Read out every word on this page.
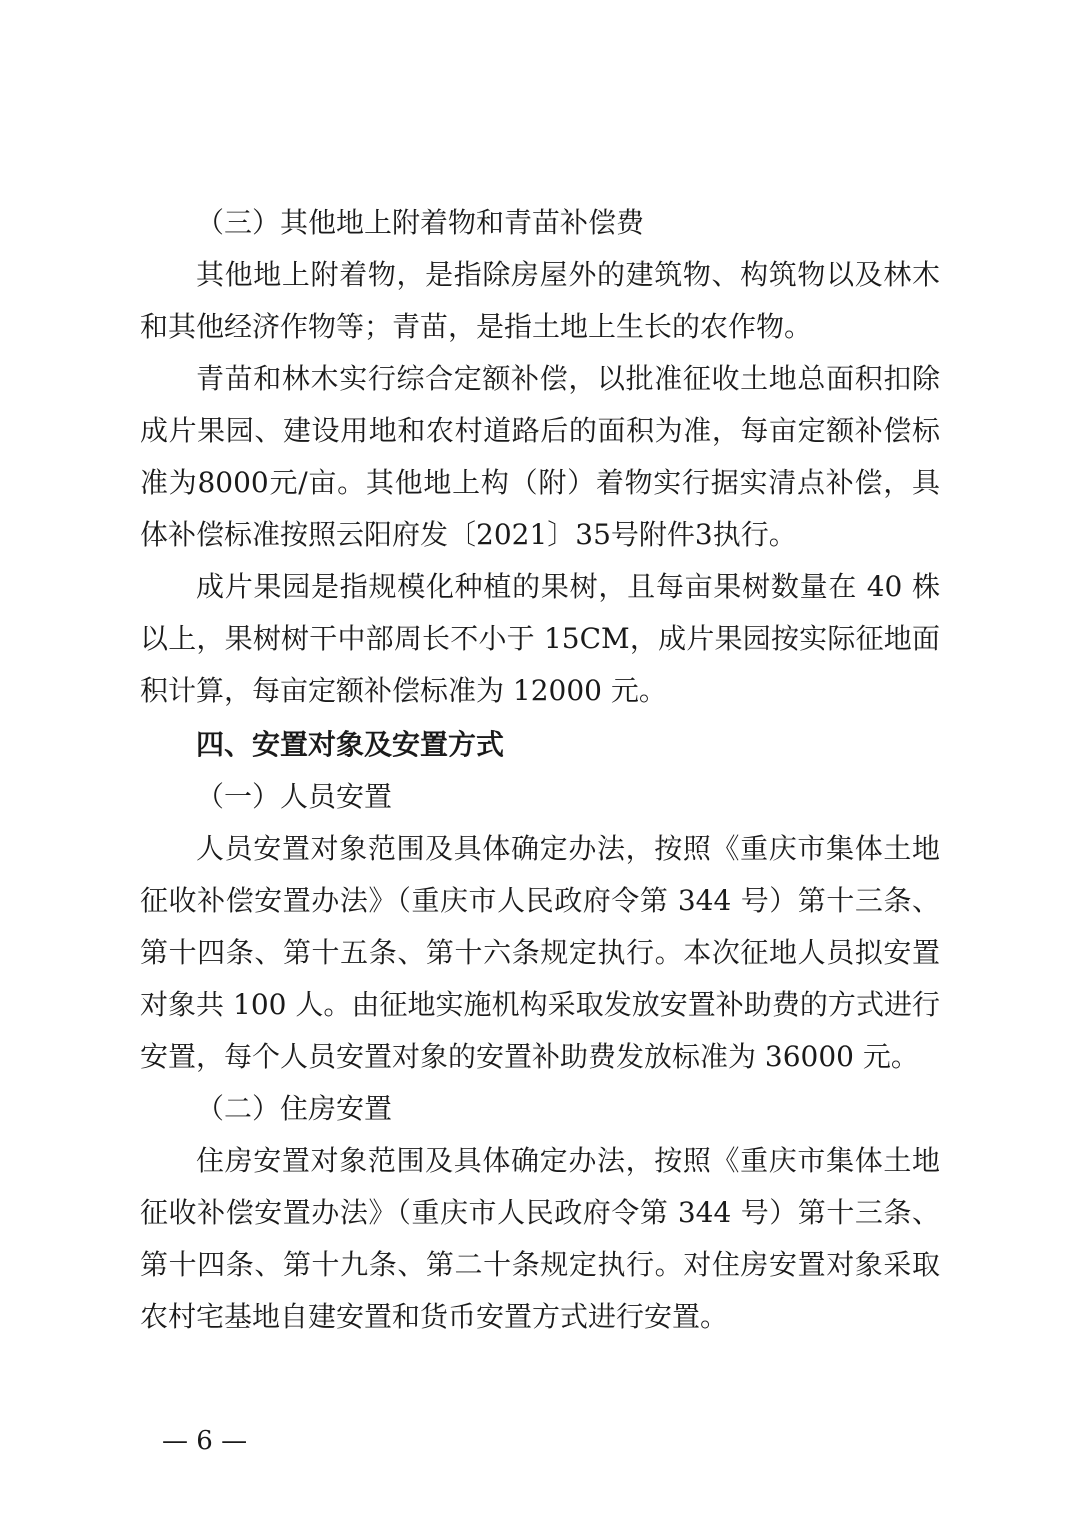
（三）其他地上附着物和青苗补偿费
其他地上附着物，是指除房屋外的建筑物、构筑物以及林木
和其他经济作物等；青苗，是指土地上生长的农作物。
青苗和林木实行综合定额补偿，以批准征收土地总面积扣除
成片果园、建设用地和农村道路后的面积为准，每亩定额补偿标
准为8000元/亩。其他地上构（附）着物实行据实清点补偿，具
体补偿标准按照云阳府发〔2021〕35号附件3执行。
成片果园是指规模化种植的果树，且每亩果树数量在 40 株
以上，果树树干中部周长不小于 15CM，成片果园按实际征地面
积计算，每亩定额补偿标准为 12000 元。
四、安置对象及安置方式
（一）人员安置
人员安置对象范围及具体确定办法，按照《重庆市集体土地
征收补偿安置办法》（重庆市人民政府令第 344 号）第十三条、
第十四条、第十五条、第十六条规定执行。本次征地人员拟安置
对象共 100 人。由征地实施机构采取发放安置补助费的方式进行
安置，每个人员安置对象的安置补助费发放标准为 36000 元。
（二）住房安置
住房安置对象范围及具体确定办法，按照《重庆市集体土地
征收补偿安置办法》（重庆市人民政府令第 344 号）第十三条、
第十四条、第十九条、第二十条规定执行。对住房安置对象采取
农村宅基地自建安置和货币安置方式进行安置。
— 6 —
